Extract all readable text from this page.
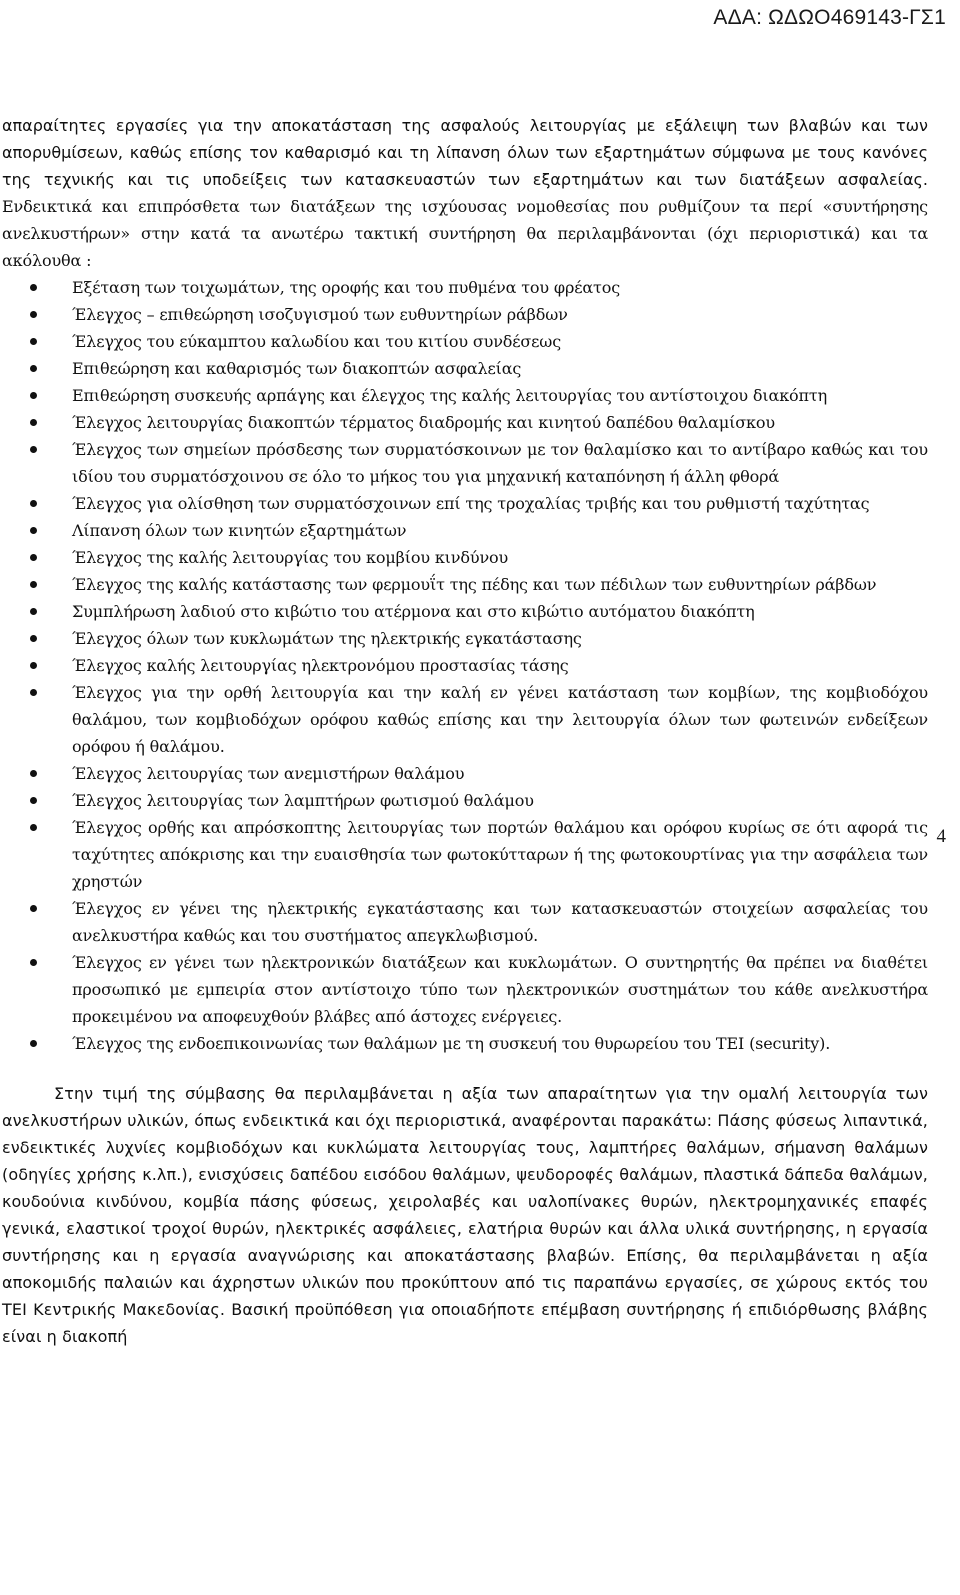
ΑΔΑ: ΩΔΩΟ469143-ΓΣ1

απαραίτητες εργασίες για την αποκατάσταση της ασφαλούς λειτουργίας με εξάλειψη των βλαβών και των απορυθμίσεων, καθώς επίσης τον καθαρισμό και τη λίπανση όλων των εξαρτημάτων σύμφωνα με τους κανόνες της τεχνικής και τις υποδείξεις των κατασκευαστών των εξαρτημάτων και των διατάξεων ασφαλείας. Ενδεικτικά και επιπρόσθετα των διατάξεων της ισχύουσας νομοθεσίας που ρυθμίζουν τα περί «συντήρησης ανελκυστήρων» στην κατά τα ανωτέρω τακτική συντήρηση θα περιλαμβάνονται (όχι περιοριστικά) και τα ακόλουθα :

Εξέταση των τοιχωμάτων, της οροφής και του πυθμένα του φρέατος
Έλεγχος – επιθεώρηση ισοζυγισμού των ευθυντηρίων ράβδων
Έλεγχος του εύκαμπτου καλωδίου και του κιτίου συνδέσεως
Επιθεώρηση και καθαρισμός των διακοπτών ασφαλείας
Επιθεώρηση συσκευής αρπάγης και έλεγχος της καλής λειτουργίας του αντίστοιχου διακόπτη
Έλεγχος λειτουργίας διακοπτών τέρματος διαδρομής και κινητού δαπέδου θαλαμίσκου
Έλεγχος των σημείων πρόσδεσης των συρματόσκοινων με τον θαλαμίσκο και το αντίβαρο καθώς και του ιδίου του συρματόσχοινου σε όλο το μήκος του για μηχανική καταπόνηση ή άλλη φθορά
Έλεγχος για ολίσθηση των συρματόσχοινων επί της τροχαλίας τριβής και του ρυθμιστή ταχύτητας
Λίπανση όλων των κινητών εξαρτημάτων
Έλεγχος της καλής λειτουργίας του κομβίου κινδύνου
Έλεγχος της καλής κατάστασης των φερμουΐτ της πέδης και των πέδιλων των ευθυντηρίων ράβδων
Συμπλήρωση λαδιού στο κιβώτιο του ατέρμονα και στο κιβώτιο αυτόματου διακόπτη
Έλεγχος όλων των κυκλωμάτων της ηλεκτρικής εγκατάστασης
Έλεγχος καλής λειτουργίας ηλεκτρονόμου προστασίας τάσης
Έλεγχος για την ορθή λειτουργία και την καλή εν γένει κατάσταση των κομβίων, της κομβιοδόχου θαλάμου, των κομβιοδόχων ορόφου καθώς επίσης και την λειτουργία όλων των φωτεινών ενδείξεων ορόφου ή θαλάμου.
Έλεγχος λειτουργίας των ανεμιστήρων θαλάμου
Έλεγχος λειτουργίας των λαμπτήρων φωτισμού θαλάμου
Έλεγχος ορθής και απρόσκοπτης λειτουργίας των πορτών θαλάμου και ορόφου κυρίως σε ότι αφορά τις ταχύτητες απόκρισης και την ευαισθησία των φωτοκύτταρων ή της φωτοκουρτίνας για την ασφάλεια των χρηστών
Έλεγχος εν γένει της ηλεκτρικής εγκατάστασης και των κατασκευαστών στοιχείων ασφαλείας του ανελκυστήρα καθώς και του συστήματος απεγκλωβισμού.
Έλεγχος εν γένει των ηλεκτρονικών διατάξεων και κυκλωμάτων. Ο συντηρητής θα πρέπει να διαθέτει προσωπικό με εμπειρία στον αντίστοιχο τύπο των ηλεκτρονικών συστημάτων του κάθε ανελκυστήρα προκειμένου να αποφευχθούν βλάβες από άστοχες ενέργειες.
Έλεγχος της ενδοεπικοινωνίας των θαλάμων με τη συσκευή του θυρωρείου του ΤΕΙ (security).

Στην τιμή της σύμβασης θα περιλαμβάνεται η αξία των απαραίτητων για την ομαλή λειτουργία των ανελκυστήρων υλικών, όπως ενδεικτικά και όχι περιοριστικά, αναφέρονται παρακάτω: Πάσης φύσεως λιπαντικά, ενδεικτικές λυχνίες κομβιοδόχων και κυκλώματα λειτουργίας τους, λαμπτήρες θαλάμων, σήμανση θαλάμων (οδηγίες χρήσης κ.λπ.), ενισχύσεις δαπέδου εισόδου θαλάμων, ψευδοροφές θαλάμων, πλαστικά δάπεδα θαλάμων, κουδούνια κινδύνου, κομβία πάσης φύσεως, χειρολαβές και υαλοπίνακες θυρών, ηλεκτρομηχανικές επαφές γενικά, ελαστικοί τροχοί θυρών, ηλεκτρικές ασφάλειες, ελατήρια θυρών και άλλα υλικά συντήρησης, η εργασία συντήρησης και η εργασία αναγνώρισης και αποκατάστασης βλαβών. Επίσης, θα περιλαμβάνεται η αξία αποκομιδής παλαιών και άχρηστων υλικών που προκύπτουν από τις παραπάνω εργασίες, σε χώρους εκτός του ΤΕΙ Κεντρικής Μακεδονίας. Βασική προϋπόθεση για οποιαδήποτε επέμβαση συντήρησης ή επιδιόρθωσης βλάβης είναι η διακοπή

4
